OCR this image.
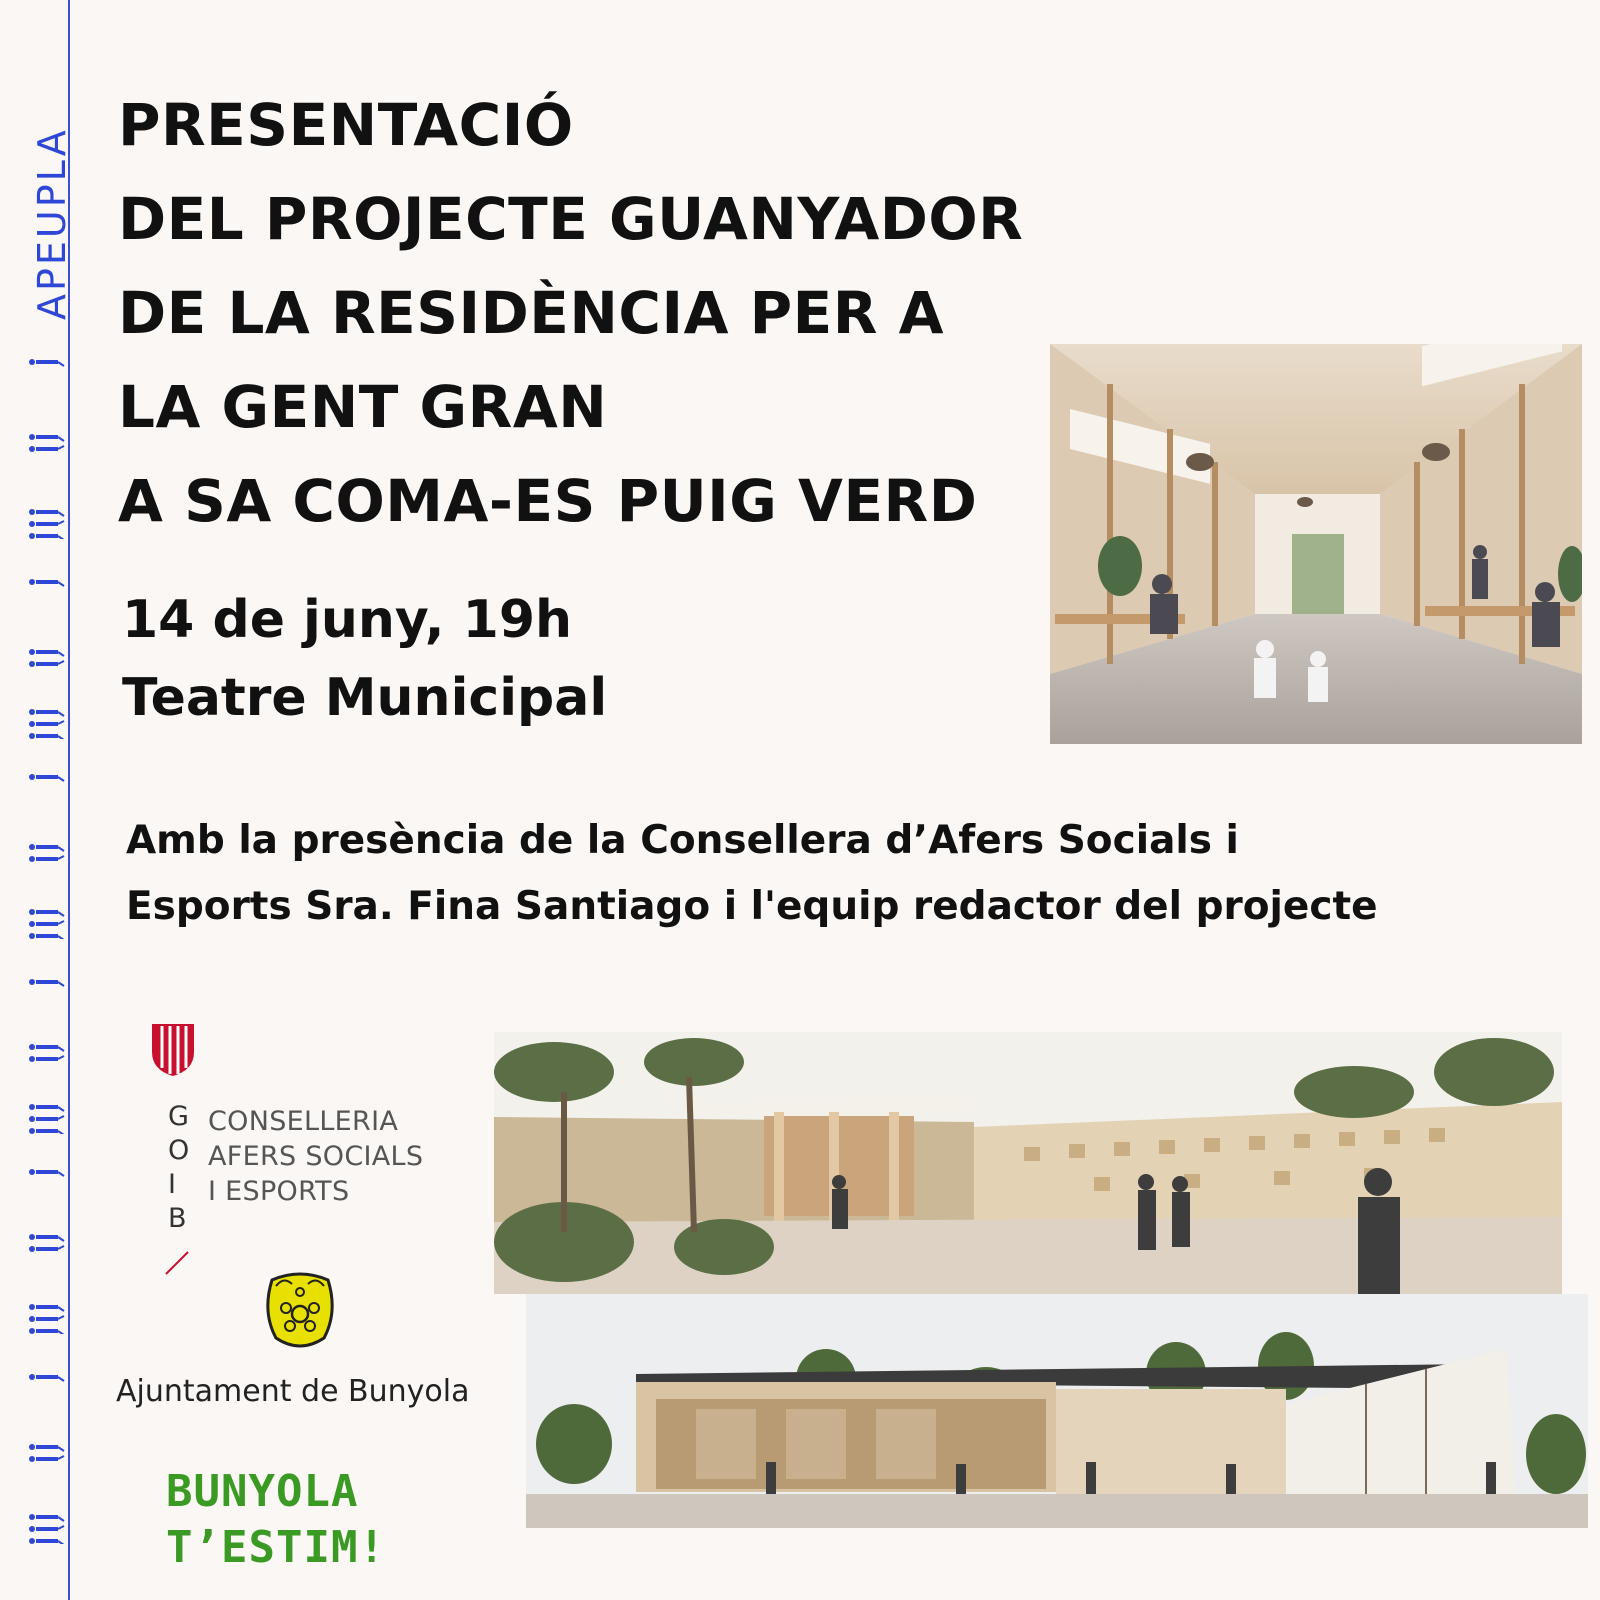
APEUPLA
PRESENTACIÓ
DEL PROJECTE GUANYADOR
DE LA RESIDÈNCIA PER A
LA GENT GRAN
A SA COMA-ES PUIG VERD
14 de juny, 19h
Teatre Municipal
Amb la presència de la Consellera d’Afers Socials i
Esports Sra. Fina Santiago i l'equip redactor del projecte
G
O
I
B
CONSELLERIA
AFERS SOCIALS
I ESPORTS
Ajuntament de Bunyola
BUNYOLA
T’ESTIM!
